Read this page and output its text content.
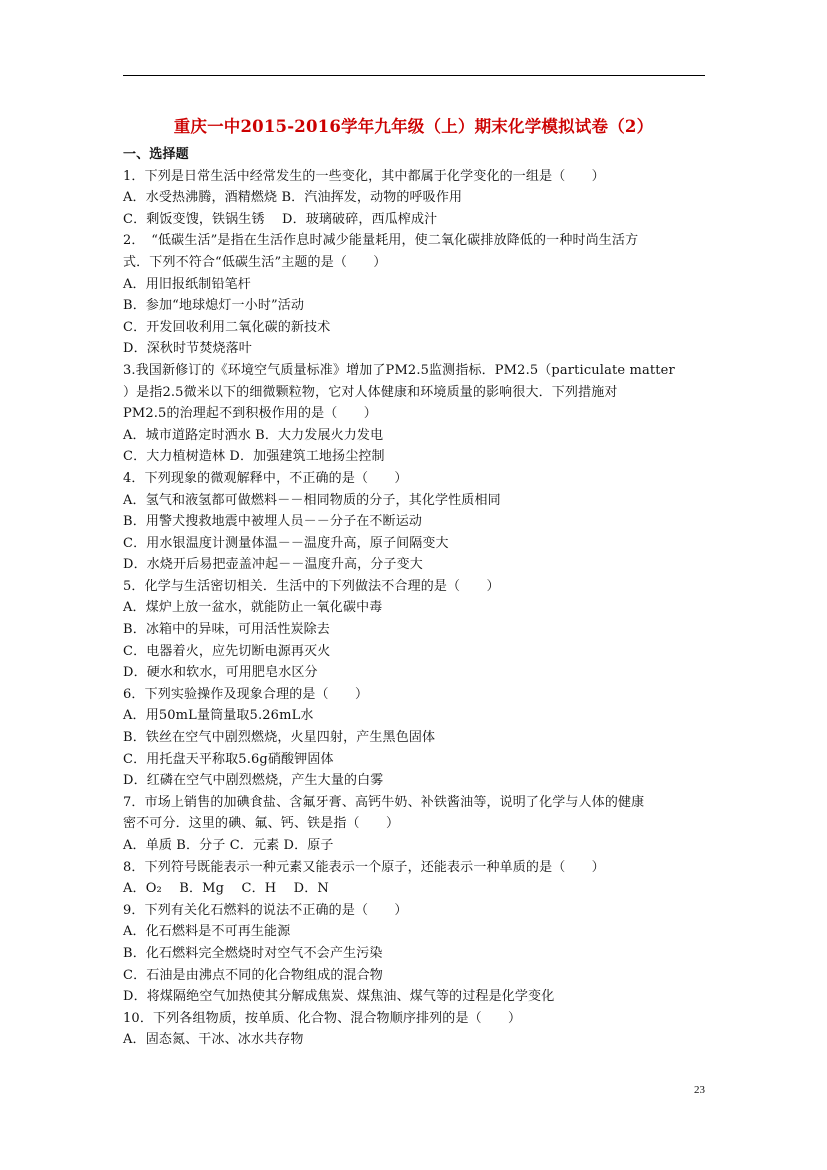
重庆一中2015-2016学年九年级（上）期末化学模拟试卷（2）
一、选择题
1．下列是日常生活中经常发生的一些变化，其中都属于化学变化的一组是（　　）
A．水受热沸腾，酒精燃烧 B．汽油挥发，动物的呼吸作用
C．剩饭变馊，铁锅生锈　 D．玻璃破碎，西瓜榨成汁
2．　“低碳生活”是指在生活作息时减少能量耗用，使二氧化碳排放降低的一种时尚生活方
式．下列不符合“低碳生活”主题的是（　　）
A．用旧报纸制铅笔杆
B．参加“地球熄灯一小时”活动
C．开发回收利用二氧化碳的新技术
D．深秋时节焚烧落叶
3.我国新修订的《环境空气质量标准》增加了PM2.5监测指标．PM2.5（particulate matter
）是指2.5微米以下的细微颗粒物，它对人体健康和环境质量的影响很大．下列措施对
PM2.5的治理起不到积极作用的是（　　）
A．城市道路定时洒水 B．大力发展火力发电
C．大力植树造林 D．加强建筑工地扬尘控制
4．下列现象的微观解释中，不正确的是（　　）
A．氢气和液氢都可做燃料－－相同物质的分子，其化学性质相同
B．用警犬搜救地震中被埋人员－－分子在不断运动
C．用水银温度计测量体温－－温度升高，原子间隔变大
D．水烧开后易把壶盖冲起－－温度升高，分子变大
5．化学与生活密切相关．生活中的下列做法不合理的是（　　）
A．煤炉上放一盆水，就能防止一氧化碳中毒
B．冰箱中的异味，可用活性炭除去
C．电器着火，应先切断电源再灭火
D．硬水和软水，可用肥皂水区分
6．下列实验操作及现象合理的是（　　）
A．用50mL量筒量取5.26mL水
B．铁丝在空气中剧烈燃烧，火星四射，产生黑色固体
C．用托盘天平称取5.6g硝酸钾固体
D．红磷在空气中剧烈燃烧，产生大量的白雾
7．市场上销售的加碘食盐、含氟牙膏、高钙牛奶、补铁酱油等，说明了化学与人体的健康
密不可分．这里的碘、氟、钙、铁是指（　　）
A．单质 B．分子 C．元素 D．原子
8．下列符号既能表示一种元素又能表示一个原子，还能表示一种单质的是（　　）
A．O₂　 B．Mg　 C．H　 D．N
9．下列有关化石燃料的说法不正确的是（　　）
A．化石燃料是不可再生能源
B．化石燃料完全燃烧时对空气不会产生污染
C．石油是由沸点不同的化合物组成的混合物
D．将煤隔绝空气加热使其分解成焦炭、煤焦油、煤气等的过程是化学变化
10．下列各组物质，按单质、化合物、混合物顺序排列的是（　　）
A．固态氮、干冰、冰水共存物
23
